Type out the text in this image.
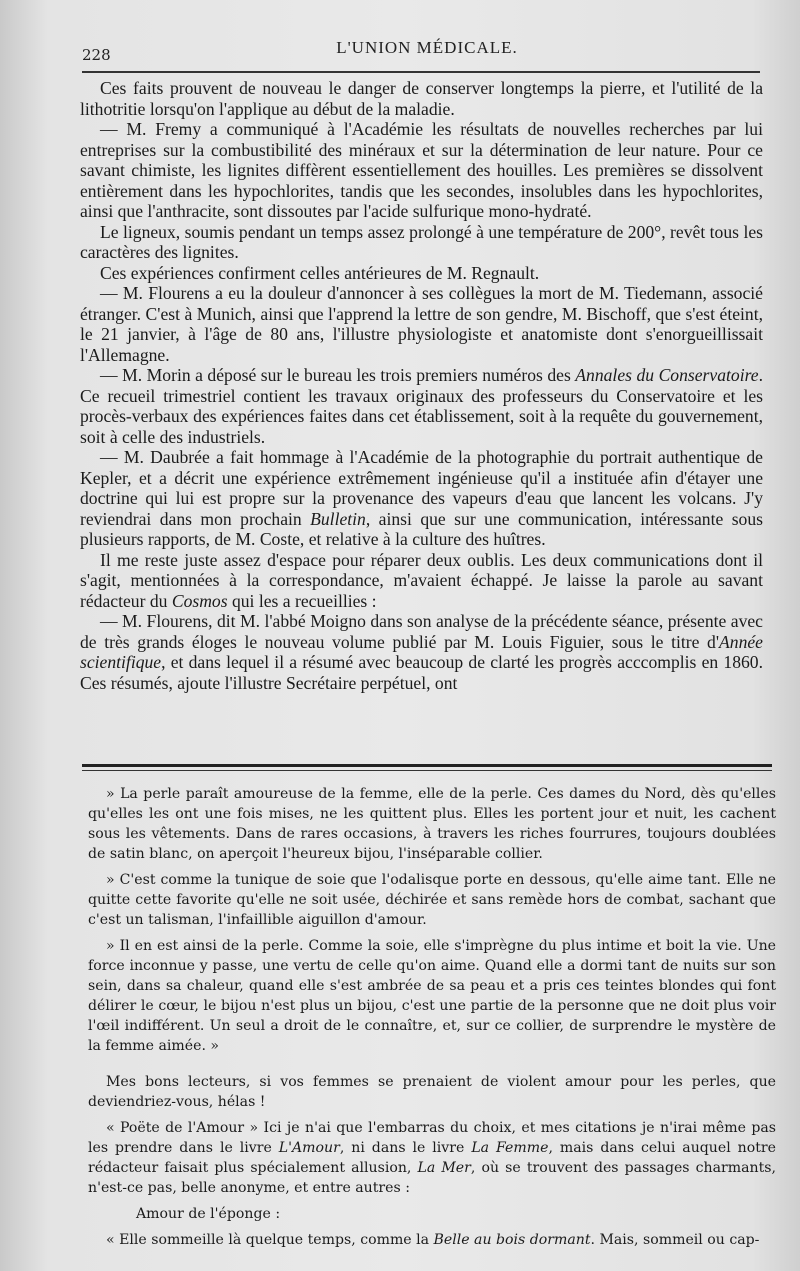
228	L'UNION MÉDICALE.

Ces faits prouvent de nouveau le danger de conserver longtemps la pierre, et l'utilité de la lithotritie lorsqu'on l'applique au début de la maladie.

— M. Fremy a communiqué à l'Académie les résultats de nouvelles recherches par lui entreprises sur la combustibilité des minéraux et sur la détermination de leur nature. Pour ce savant chimiste, les lignites diffèrent essentiellement des houilles. Les premières se dissolvent entièrement dans les hypochlorites, tandis que les secondes, insolubles dans les hypochlorites, ainsi que l'anthracite, sont dissoutes par l'acide sulfurique mono-hydraté.

Le ligneux, soumis pendant un temps assez prolongé à une température de 200°, revêt tous les caractères des lignites.

Ces expériences confirment celles antérieures de M. Regnault.

— M. Flourens a eu la douleur d'annoncer à ses collègues la mort de M. Tiedemann, associé étranger. C'est à Munich, ainsi que l'apprend la lettre de son gendre, M. Bischoff, que s'est éteint, le 21 janvier, à l'âge de 80 ans, l'illustre physiologiste et anatomiste dont s'enorgueillissait l'Allemagne.

— M. Morin a déposé sur le bureau les trois premiers numéros des Annales du Conservatoire. Ce recueil trimestriel contient les travaux originaux des professeurs du Conservatoire et les procès-verbaux des expériences faites dans cet établissement, soit à la requête du gouvernement, soit à celle des industriels.

— M. Daubrée a fait hommage à l'Académie de la photographie du portrait authentique de Kepler, et a décrit une expérience extrêmement ingénieuse qu'il a instituée afin d'étayer une doctrine qui lui est propre sur la provenance des vapeurs d'eau que lancent les volcans. J'y reviendrai dans mon prochain Bulletin, ainsi que sur une communication, intéressante sous plusieurs rapports, de M. Coste, et relative à la culture des huîtres.

Il me reste juste assez d'espace pour réparer deux oublis. Les deux communications dont il s'agit, mentionnées à la correspondance, m'avaient échappé. Je laisse la parole au savant rédacteur du Cosmos qui les a recueillies :

— M. Flourens, dit M. l'abbé Moigno dans son analyse de la précédente séance, présente avec de très grands éloges le nouveau volume publié par M. Louis Figuier, sous le titre d'Année scientifique, et dans lequel il a résumé avec beaucoup de clarté les progrès acccomplis en 1860. Ces résumés, ajoute l'illustre Secrétaire perpétuel, ont

» La perle paraît amoureuse de la femme, elle de la perle. Ces dames du Nord, dès qu'elles qu'elles les ont une fois mises, ne les quittent plus. Elles les portent jour et nuit, les cachent sous les vêtements. Dans de rares occasions, à travers les riches fourrures, toujours doublées de satin blanc, on aperçoit l'heureux bijou, l'inséparable collier.

» C'est comme la tunique de soie que l'odalisque porte en dessous, qu'elle aime tant. Elle ne quitte cette favorite qu'elle ne soit usée, déchirée et sans remède hors de combat, sachant que c'est un talisman, l'infaillible aiguillon d'amour.

» Il en est ainsi de la perle. Comme la soie, elle s'imprègne du plus intime et boit la vie. Une force inconnue y passe, une vertu de celle qu'on aime. Quand elle a dormi tant de nuits sur son sein, dans sa chaleur, quand elle s'est ambrée de sa peau et a pris ces teintes blondes qui font délirer le cœur, le bijou n'est plus un bijou, c'est une partie de la personne que ne doit plus voir l'œil indifférent. Un seul a droit de le connaître, et, sur ce collier, de surprendre le mystère de la femme aimée. »

Mes bons lecteurs, si vos femmes se prenaient de violent amour pour les perles, que deviendriez-vous, hélas !

« Poëte de l'Amour » Ici je n'ai que l'embarras du choix, et mes citations je n'irai même pas les prendre dans le livre L'Amour, ni dans le livre La Femme, mais dans celui auquel notre rédacteur faisait plus spécialement allusion, La Mer, où se trouvent des passages charmants, n'est-ce pas, belle anonyme, et entre autres :

Amour de l'éponge :

« Elle sommeille là quelque temps, comme la Belle au bois dormant. Mais, sommeil ou cap-
